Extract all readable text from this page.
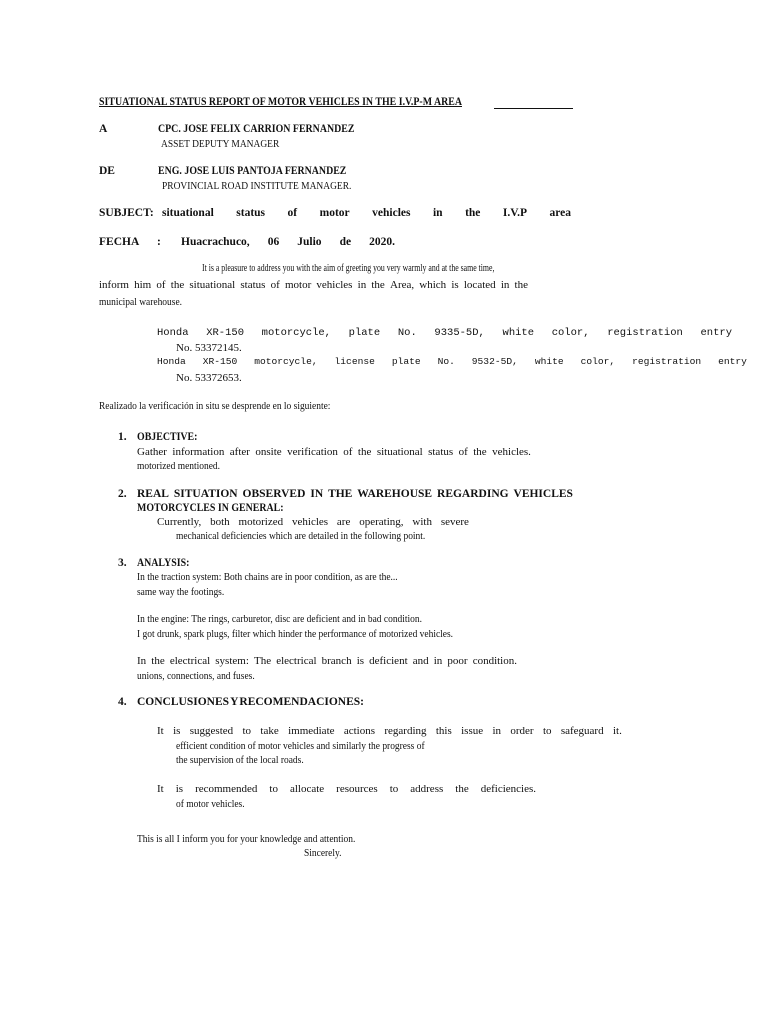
SITUATIONAL STATUS REPORT OF MOTOR VEHICLES IN THE I.V.P-M AREA
A	CPC. JOSE FELIX CARRION FERNANDEZ
ASSET DEPUTY MANAGER
DE	ENG. JOSE LUIS PANTOJA FERNANDEZ
PROVINCIAL ROAD INSTITUTE MANAGER.
SUBJECT: situational status of motor vehicles in the I.V.P area
FECHA : Huacrachuco, 06 Julio de 2020.
It is a pleasure to address you with the aim of greeting you very warmly and at the same time,
inform him of the situational status of motor vehicles in the Area, which is located in the
municipal warehouse.
Honda XR-150 motorcycle, plate No. 9335-5D, white color, registration entry
No. 53372145.
Honda XR-150 motorcycle, license plate No. 9532-5D, white color, registration entry
No. 53372653.
Realizado la verificación in situ se desprende en lo siguiente:
1. OBJECTIVE:
Gather information after onsite verification of the situational status of the vehicles.
motorized mentioned.
2. REAL SITUATION OBSERVED IN THE WAREHOUSE REGARDING VEHICLES
MOTORCYCLES IN GENERAL:
Currently, both motorized vehicles are operating, with severe
mechanical deficiencies which are detailed in the following point.
3. ANALYSIS:
In the traction system: Both chains are in poor condition, as are the...
same way the footings.
In the engine: The rings, carburetor, disc are deficient and in bad condition.
I got drunk, spark plugs, filter which hinder the performance of motorized vehicles.
In the electrical system: The electrical branch is deficient and in poor condition.
unions, connections, and fuses.
4. CONCLUSIONES Y RECOMENDACIONES:
It is suggested to take immediate actions regarding this issue in order to safeguard it.
efficient condition of motor vehicles and similarly the progress of
the supervision of the local roads.
It is recommended to allocate resources to address the deficiencies.
of motor vehicles.
This is all I inform you for your knowledge and attention.
Sincerely.
